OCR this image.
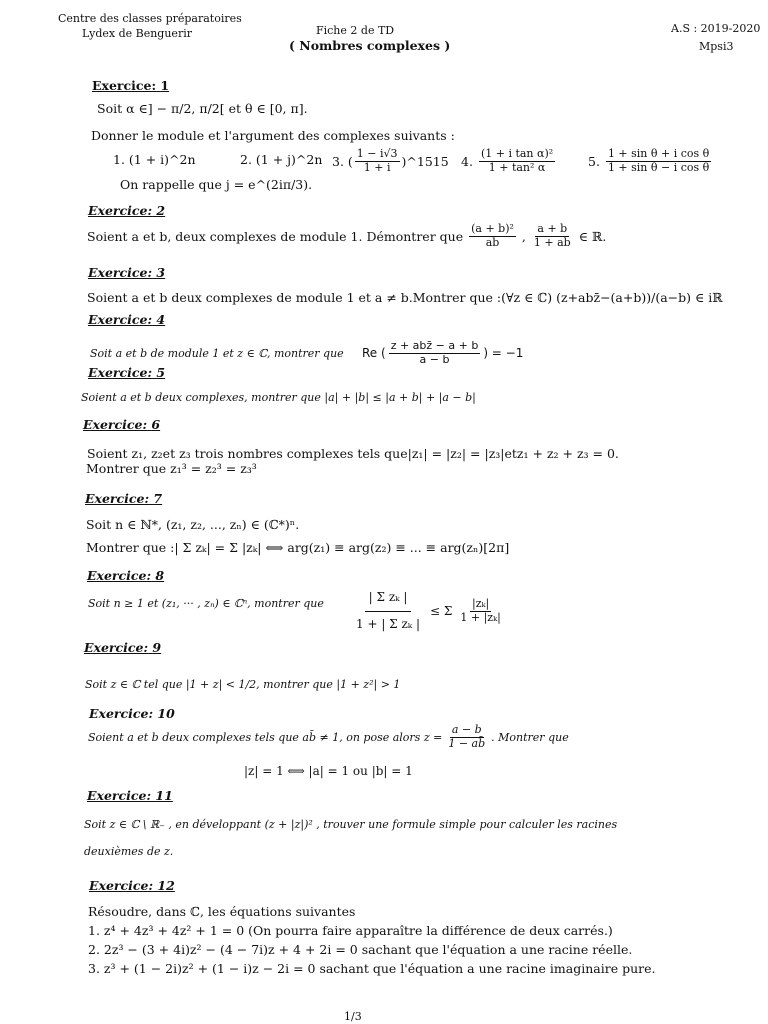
Centre des classes préparatoires
Lydex de Benguerir	Fiche 2 de TD
( Nombres complexes )
A.S : 2019-2020
Mpsi3
Exercice: 1
Soit α ∈] − π/2, π/2[ et θ ∈ [0, π].
Donner le module et l'argument des complexes suivants :
1. (1 + i)^2n	2. (1 + j)^2n 3. ( $\frac{1 - i√3}{1 + i}$ )^1515 4. $\frac{\text{(1 + i tan α)²}}{\text{1 + tan² α}}$	5. $\frac{\text{1 + sin θ + i cos θ}}{\text{1 + sin θ − i cos θ}}$
On rappelle que j = e^(2iπ/3).
Exercice: 2
Soient a et b, deux complexes de module 1. Démontrer que $\frac{\text{(a + b)²}}{ab}$ , $\frac{a + b}{1 + ab}$ ∈ ℝ.
Exercice: 3
Soient a et b deux complexes de module 1 et a ≠ b.Montrer que :(∀z ∈ ℂ) (z+abz̄−(a+b))/(a−b) ∈ iℝ
Exercice: 4
Soit a et b de module 1 et z ∈ ℂ, montrer que Re ( $\frac{\text{z + abz̄ − a + b}}{a - b}$ ) = −1
Exercice: 5
Soient a et b deux complexes, montrer que |a| + |b| ≤ |a + b| + |a − b|
Exercice: 6
Soient z₁, z₂et z₃ trois nombres complexes tels que|z₁| = |z₂| = |z₃|etz₁ + z₂ + z₃ = 0.
Montrer que z₁³ = z₂³ = z₃³
Exercice: 7
Soit n ∈ ℕ*, (z₁, z₂, ..., zₙ) ∈ (ℂ*)ⁿ.
Montrer que :| Σ zₖ| = Σ |zₖ| ⟺ arg(z₁) ≡ arg(z₂) ≡ ... ≡ arg(zₙ)[2π]
Exercice: 8
Soit n ≥ 1 et (z₁, ··· , zₙ) ∈ ℂⁿ, montrer que $\frac{\text{| Σ zₖ |}}{\text{1 + | Σ zₖ |}} \le \Sigma \frac{\text{|zₖ|}}{\text{1 + |zₖ|}}$
Exercice: 9
Soit z ∈ ℂ tel que |1 + z| < 1/2, montrer que |1 + z²| > 1
Exercice: 10
Soient a et b deux complexes tels que ab̄ ≠ 1, on pose alors $z = \frac{a - b}{1 - ab̄}$ . Montrer que
|z| = 1 ⟺ |a| = 1 ou |b| = 1
Exercice: 11
Soit z ∈ ℂ \ ℝ₋ , en développant (z + |z|)² , trouver une formule simple pour calculer les racines
deuxièmes de z.
Exercice: 12
Résoudre, dans ℂ, les équations suivantes
1. z⁴ + 4z³ + 4z² + 1 = 0 (On pourra faire apparaître la différence de deux carrés.)
2. 2z³ − (3 + 4i)z² − (4 − 7i)z + 4 + 2i = 0 sachant que l'équation a une racine réelle.
3. z³ + (1 − 2i)z² + (1 − i)z − 2i = 0 sachant que l'équation a une racine imaginaire pure.
1/3
